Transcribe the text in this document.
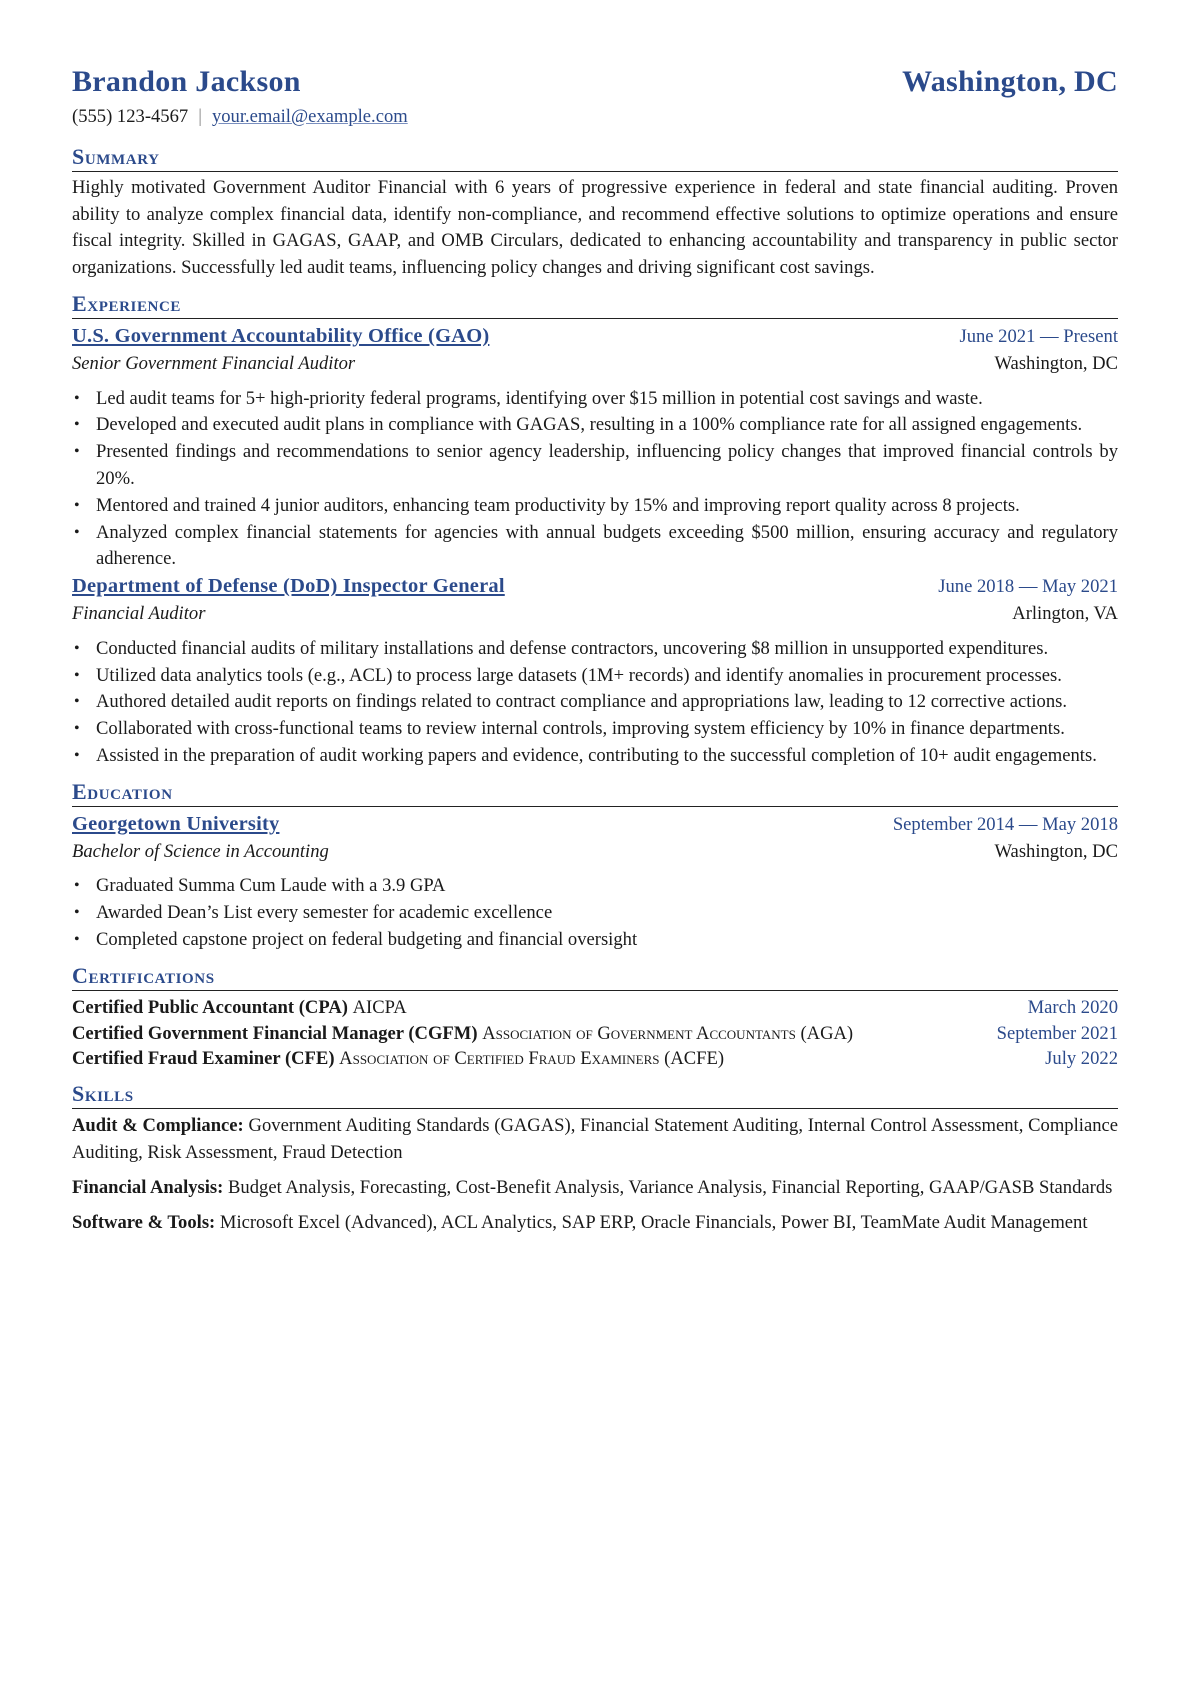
Brandon Jackson	Washington, DC
(555) 123-4567 | your.email@example.com
Summary
Highly motivated Government Auditor Financial with 6 years of progressive experience in federal and state financial auditing. Proven ability to analyze complex financial data, identify non-compliance, and recommend effective solutions to optimize operations and ensure fiscal integrity. Skilled in GAGAS, GAAP, and OMB Circulars, dedicated to enhancing accountability and transparency in public sector organizations. Successfully led audit teams, influencing policy changes and driving significant cost savings.
Experience
U.S. Government Accountability Office (GAO)	June 2021 — Present
Senior Government Financial Auditor	Washington, DC
• Led audit teams for 5+ high-priority federal programs, identifying over $15 million in potential cost savings and waste.
• Developed and executed audit plans in compliance with GAGAS, resulting in a 100% compliance rate for all assigned engagements.
• Presented findings and recommendations to senior agency leadership, influencing policy changes that improved financial controls by 20%.
• Mentored and trained 4 junior auditors, enhancing team productivity by 15% and improving report quality across 8 projects.
• Analyzed complex financial statements for agencies with annual budgets exceeding $500 million, ensuring accuracy and regulatory adherence.
Department of Defense (DoD) Inspector General	June 2018 — May 2021
Financial Auditor	Arlington, VA
• Conducted financial audits of military installations and defense contractors, uncovering $8 million in unsupported expenditures.
• Utilized data analytics tools (e.g., ACL) to process large datasets (1M+ records) and identify anomalies in procurement processes.
• Authored detailed audit reports on findings related to contract compliance and appropriations law, leading to 12 corrective actions.
• Collaborated with cross-functional teams to review internal controls, improving system efficiency by 10% in finance departments.
• Assisted in the preparation of audit working papers and evidence, contributing to the successful completion of 10+ audit engagements.
Education
Georgetown University	September 2014 — May 2018
Bachelor of Science in Accounting	Washington, DC
• Graduated Summa Cum Laude with a 3.9 GPA
• Awarded Dean’s List every semester for academic excellence
• Completed capstone project on federal budgeting and financial oversight
Certifications
Certified Public Accountant (CPA) AICPA	March 2020
Certified Government Financial Manager (CGFM) Association of Government Accountants (AGA)	September 2021
Certified Fraud Examiner (CFE) Association of Certified Fraud Examiners (ACFE)	July 2022
Skills
Audit & Compliance: Government Auditing Standards (GAGAS), Financial Statement Auditing, Internal Control Assessment, Compliance Auditing, Risk Assessment, Fraud Detection
Financial Analysis: Budget Analysis, Forecasting, Cost-Benefit Analysis, Variance Analysis, Financial Reporting, GAAP/GASB Standards
Software & Tools: Microsoft Excel (Advanced), ACL Analytics, SAP ERP, Oracle Financials, Power BI, TeamMate Audit Management
